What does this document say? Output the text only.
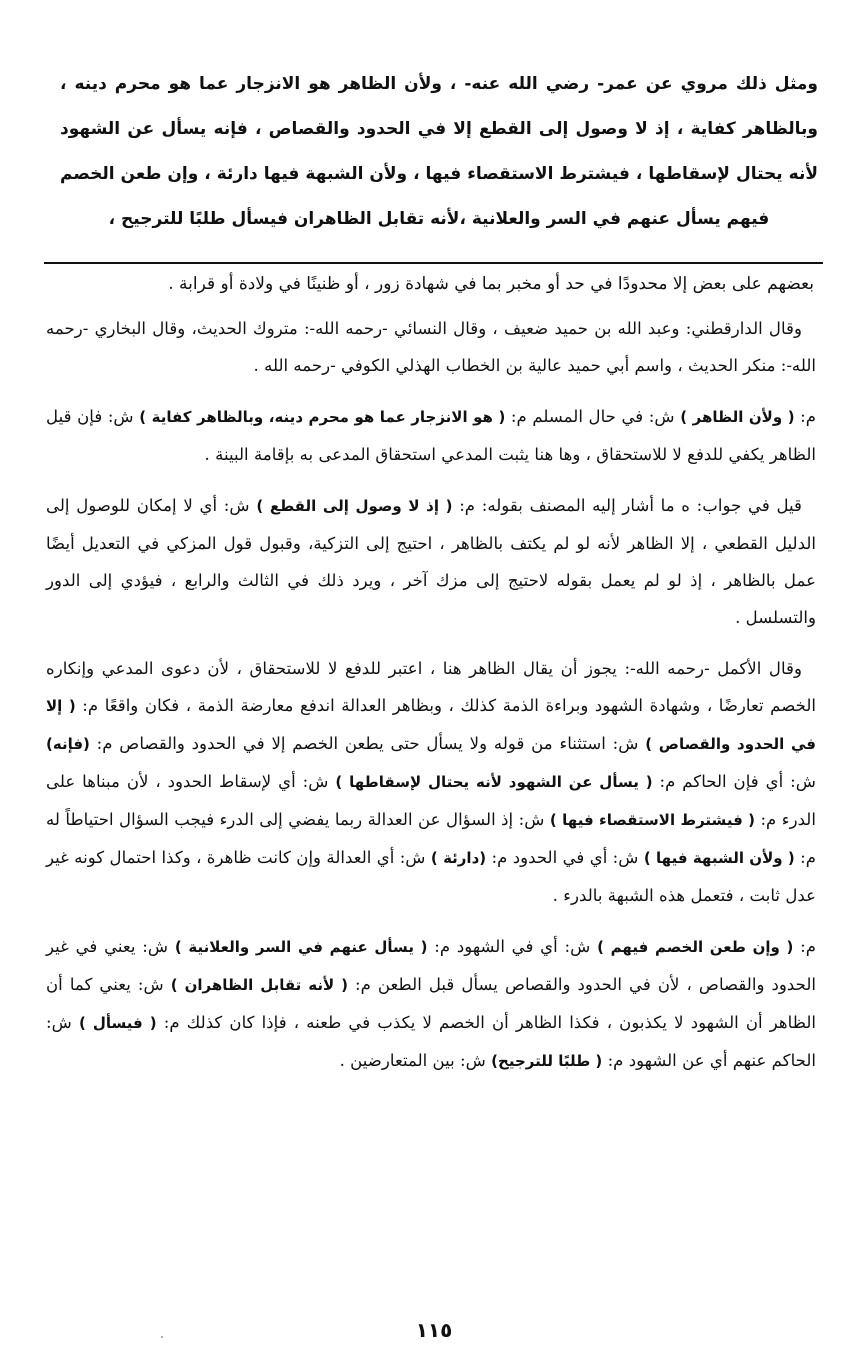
ومثل ذلك مروي عن عمر- رضي الله عنه- ، ولأن الظاهر هو الانزجار عما هو محرم دينه ، وبالظاهر كفاية ، إذ لا وصول إلى القطع إلا في الحدود والقصاص ، فإنه يسأل عن الشهود لأنه يحتال لإسقاطها ، فيشترط الاستقصاء فيها ، ولأن الشبهة فيها دارئة ، وإن طعن الخصم فيهم يسأل عنهم في السر والعلانية ،لأنه تقابل الظاهران فيسأل طلبًا للترجيح ،

بعضهم على بعض إلا محدودًا في حد أو مخبر بما في شهادة زور ، أو ظنينًا في ولادة أو قرابة .

وقال الدارقطني: وعبد الله بن حميد ضعيف ، وقال النسائي -رحمه الله-: متروك الحديث، وقال البخاري -رحمه الله-: منكر الحديث ، واسم أبي حميد عالية بن الخطاب الهذلي الكوفي -رحمه الله .

م: ( ولأن الظاهر ) ش: في حال المسلم م: ( هو الانزجار عما هو محرم دينه، وبالظاهر كفاية ) ش: فإن قيل الظاهر يكفي للدفع لا للاستحقاق ، وها هنا يثبت المدعي استحقاق المدعى به بإقامة البينة .

قيل في جواب: ه ما أشار إليه المصنف بقوله: م: ( إذ لا وصول إلى القطع ) ش: أي لا إمكان للوصول إلى الدليل القطعي ، إلا الظاهر لأنه لو لم يكتف بالظاهر ، احتيج إلى التزكية، وقبول قول المزكي في التعديل أيضًا عمل بالظاهر ، إذ لو لم يعمل بقوله لاحتيج إلى مزك آخر ، ويرد ذلك في الثالث والرابع ، فيؤدي إلى الدور والتسلسل .

وقال الأكمل -رحمه الله-: يجوز أن يقال الظاهر هنا ، اعتبر للدفع لا للاستحقاق ، لأن دعوى المدعي وإنكاره الخصم تعارضًا ، وشهادة الشهود وبراءة الذمة كذلك ، وبظاهر العدالة اندفع معارضة الذمة ، فكان واقعًا م: ( إلا في الحدود والقصاص ) ش: استثناء من قوله ولا يسأل حتى يطعن الخصم إلا في الحدود والقصاص م: (فإنه) ش: أي فإن الحاكم م: ( يسأل عن الشهود لأنه يحتال لإسقاطها ) ش: أي لإسقاط الحدود ، لأن مبناها على الدرء م: ( فيشترط الاستقصاء فيها ) ش: إذ السؤال عن العدالة ربما يفضي إلى الدرء فيجب السؤال احتياطاً له م: ( ولأن الشبهة فيها ) ش: أي في الحدود م: (دارئة ) ش: أي العدالة وإن كانت ظاهرة ، وكذا احتمال كونه غير عدل ثابت ، فتعمل هذه الشبهة بالدرء .

م: ( وإن طعن الخصم فيهم ) ش: أي في الشهود م: ( يسأل عنهم في السر والعلانية ) ش: يعني في غير الحدود والقصاص ، لأن في الحدود والقصاص يسأل قبل الطعن م: ( لأنه تقابل الظاهران ) ش: يعني كما أن الظاهر أن الشهود لا يكذبون ، فكذا الظاهر أن الخصم لا يكذب في طعنه ، فإذا كان كذلك م: ( فيسأل ) ش: الحاكم عنهم أي عن الشهود م: ( طلبًا للترجيح) ش: بين المتعارضين .

١١٥
